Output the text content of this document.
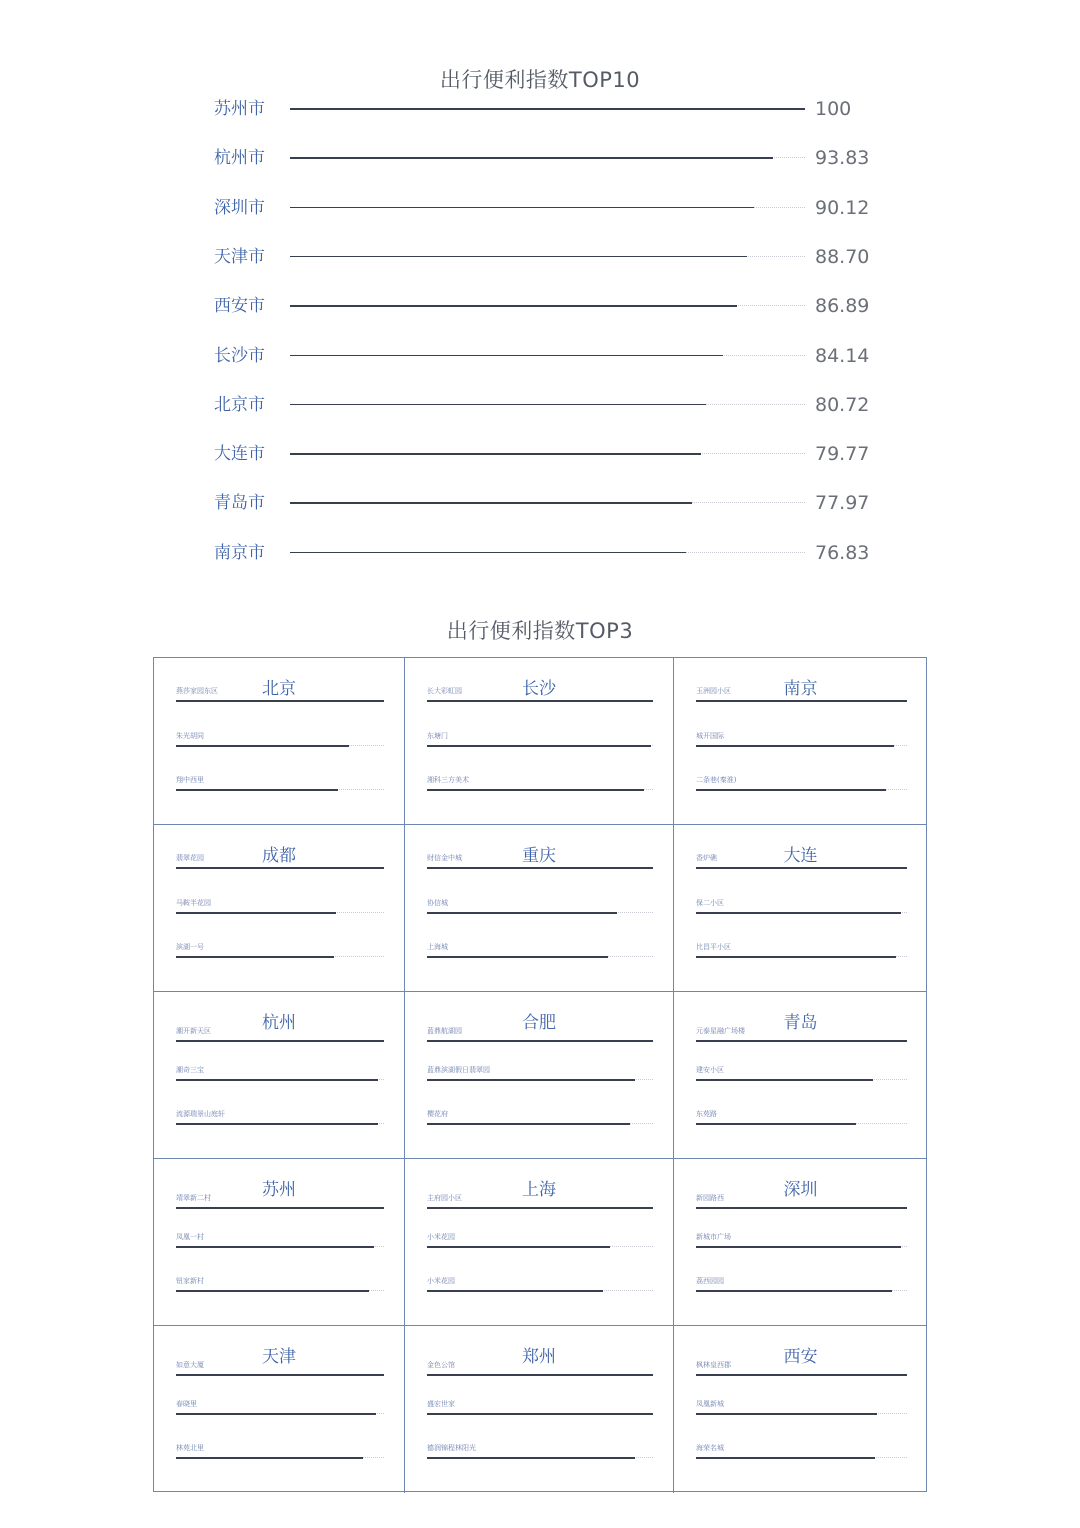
出行便利指数TOP10
苏州市	100
杭州市	93.83
深圳市	90.12
天津市	88.70
西安市	86.89
长沙市	84.14
北京市	80.72
大连市	79.77
青岛市	77.97
南京市	76.83
出行便利指数TOP3
北京
燕莎家园东区
朱光胡同
翔中西里
长沙
长大彩虹园
东塘门
湘科三方美术
南京
玉洲园小区
城开国际
二条巷(秦淮)
成都
翡翠花园
马鞍半花园
滨湖一号
重庆
财信金中城
协信城
上海城
大连
香炉礁
保二小区
比昌平小区
杭州
潮开新天区
潮奇三宝
流源瑞景山庭轩
合肥
蓝鼎航湖园
蓝鼎滨湖假日翡翠园
樱花府
青岛
元泰星融广场楼
建安小区
东苑路
苏州
靖翠新二村
凤凰一村
钮家新村
上海
主府园小区
小米花园
小米花园
深圳
新园路西
新城市广场
荔西园园
天津
如意大厦
春晓里
林苑北里
郑州
金色公馆
盛宏世家
德润锦程林阳光
西安
枫林皇西郡
凤凰新城
海荣名城
